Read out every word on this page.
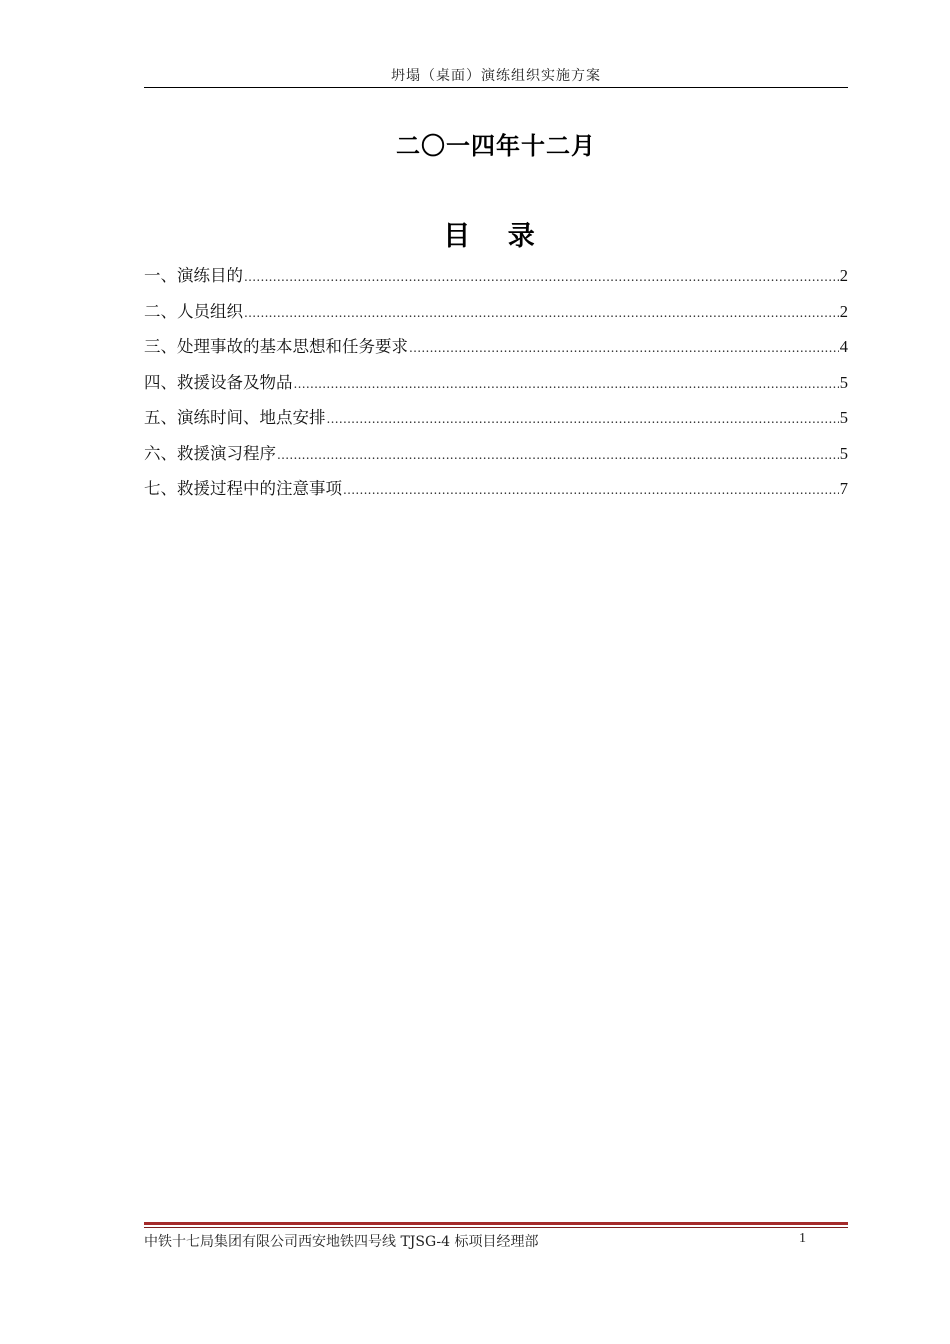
坍塌（桌面）演练组织实施方案
二〇一四年十二月
目 录
一、演练目的 .....	2
二、人员组织 .....	2
三、处理事故的基本思想和任务要求 .....	4
四、救援设备及物品 .....	5
五、演练时间、地点安排 .....	5
六、救援演习程序 .....	5
七、救援过程中的注意事项 .....	7
中铁十七局集团有限公司西安地铁四号线 TJSG-4 标项目经理部	1
